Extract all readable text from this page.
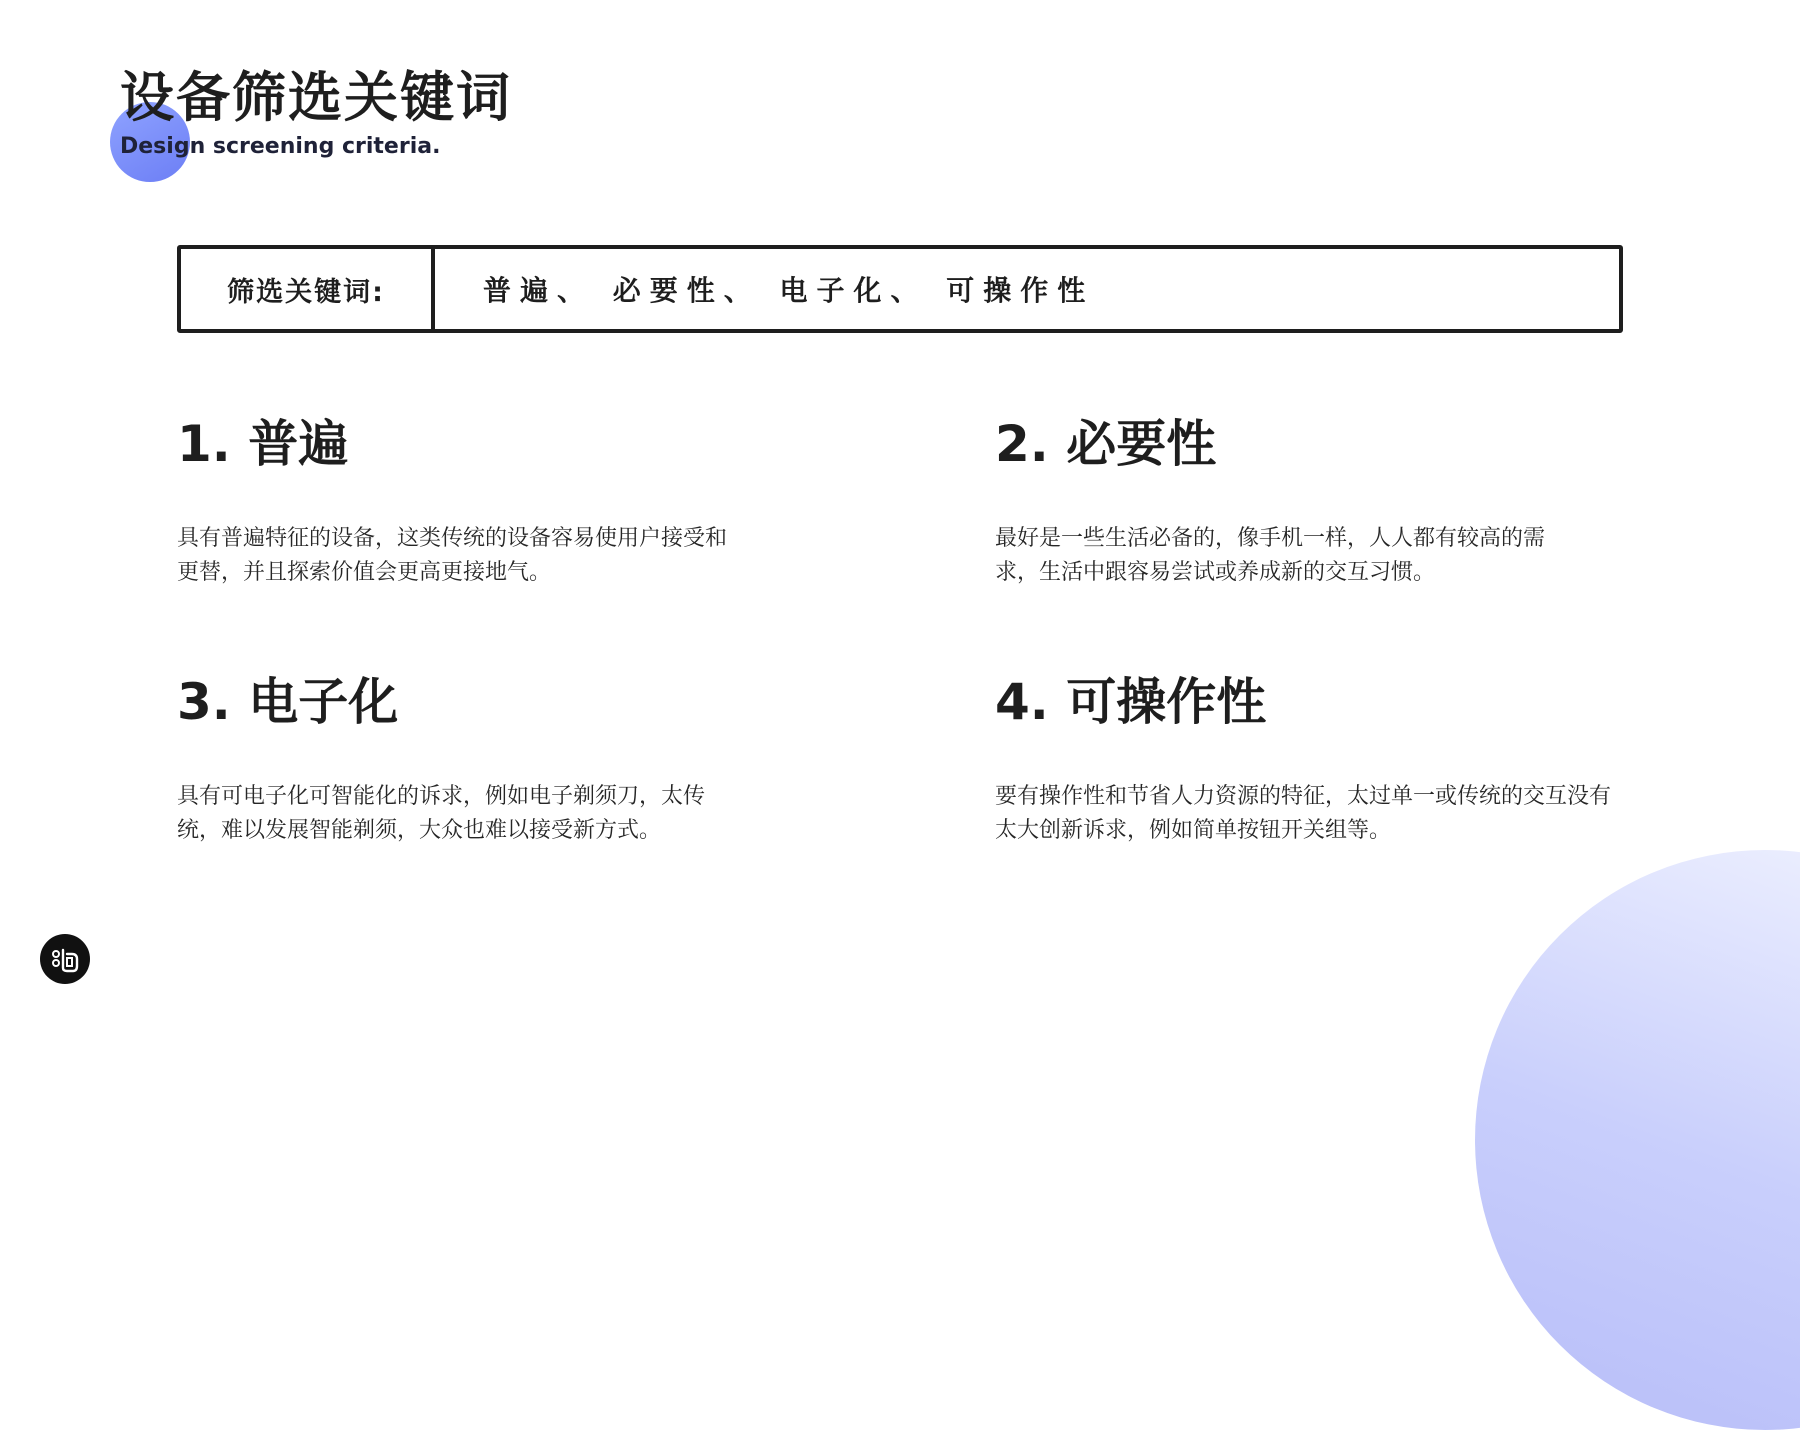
设备筛选关键词
Design screening criteria.
筛选关键词:	普遍、 必要性、 电子化、 可操作性
1. 普遍

具有普遍特征的设备，这类传统的设备容易使用户接受和更替，并且探索价值会更高更接地气。

2. 必要性

最好是一些生活必备的，像手机一样，人人都有较高的需求，生活中跟容易尝试或养成新的交互习惯。

3. 电子化

具有可电子化可智能化的诉求，例如电子剃须刀，太传统，难以发展智能剃须，大众也难以接受新方式。

4. 可操作性

要有操作性和节省人力资源的特征，太过单一或传统的交互没有太大创新诉求，例如简单按钮开关组等。
